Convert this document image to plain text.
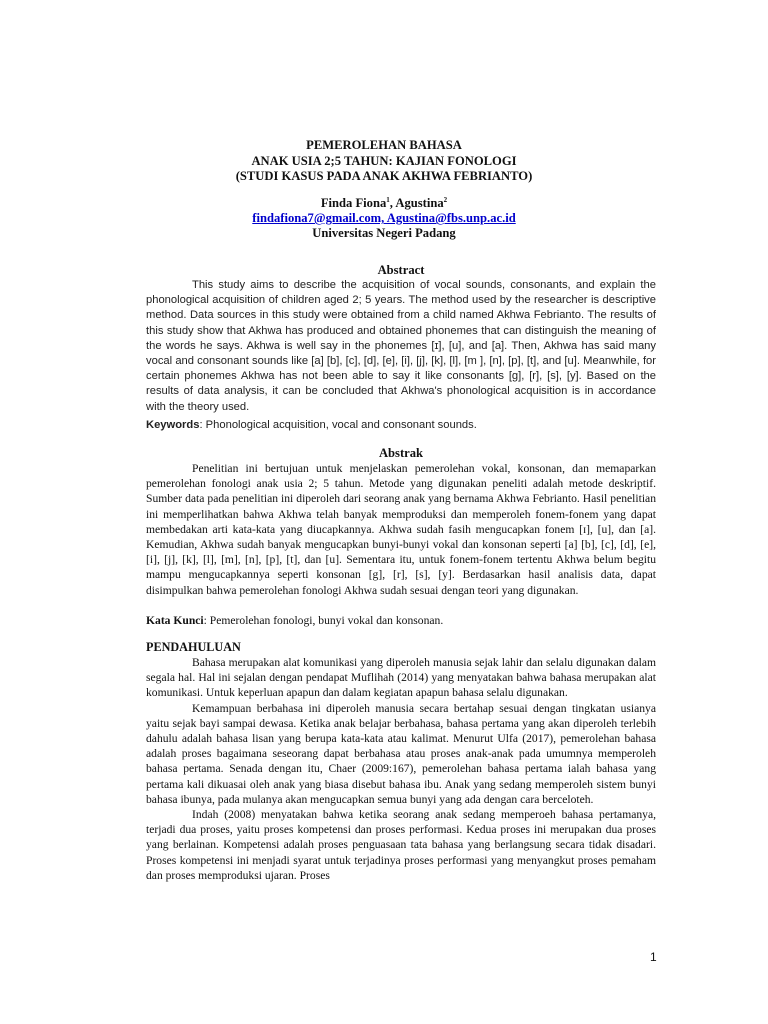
PEMEROLEHAN BAHASA
ANAK USIA 2;5 TAHUN: KAJIAN FONOLOGI
(STUDI KASUS PADA ANAK AKHWA FEBRIANTO)
Finda Fiona$^1$, Agustina$^2$
findafiona7@gmail.com, Agustina@fbs.unp.ac.id
Universitas Negeri Padang
Abstract
This study aims to describe the acquisition of vocal sounds, consonants, and explain the phonological acquisition of children aged 2; 5 years. The method used by the researcher is descriptive method. Data sources in this study were obtained from a child named Akhwa Febrianto. The results of this study show that Akhwa has produced and obtained phonemes that can distinguish the meaning of the words he says. Akhwa is well say in the phonemes [ɪ], [u], and [a]. Then, Akhwa has said many vocal and consonant sounds like [a] [b], [c], [d], [e], [i], [j], [k], [l], [m ], [n], [p], [t], and [u]. Meanwhile, for certain phonemes Akhwa has not been able to say it like consonants [g], [r], [s], [y]. Based on the results of data analysis, it can be concluded that Akhwa's phonological acquisition is in accordance with the theory used.
Keywords: Phonological acquisition, vocal and consonant sounds.
Abstrak
Penelitian ini bertujuan untuk menjelaskan pemerolehan vokal, konsonan, dan memaparkan pemerolehan fonologi anak usia 2; 5 tahun. Metode yang digunakan peneliti adalah metode deskriptif. Sumber data pada penelitian ini diperoleh dari seorang anak yang bernama Akhwa Febrianto. Hasil penelitian ini memperlihatkan bahwa Akhwa telah banyak memproduksi dan memperoleh fonem-fonem yang dapat membedakan arti kata-kata yang diucapkannya. Akhwa sudah fasih mengucapkan fonem [ɪ], [u], dan [a]. Kemudian, Akhwa sudah banyak mengucapkan bunyi-bunyi vokal dan konsonan seperti [a] [b], [c], [d], [e], [i], [j], [k], [l], [m], [n], [p], [t], dan [u]. Sementara itu, untuk fonem-fonem tertentu Akhwa belum begitu mampu mengucapkannya seperti konsonan [g], [r], [s], [y]. Berdasarkan hasil analisis data, dapat disimpulkan bahwa pemerolehan fonologi Akhwa sudah sesuai dengan teori yang digunakan.
Kata Kunci: Pemerolehan fonologi, bunyi vokal dan konsonan.
PENDAHULUAN

Bahasa merupakan alat komunikasi yang diperoleh manusia sejak lahir dan selalu digunakan dalam segala hal. Hal ini sejalan dengan pendapat Muflihah (2014) yang menyatakan bahwa bahasa merupakan alat komunikasi. Untuk keperluan apapun dan dalam kegiatan apapun bahasa selalu digunakan.

Kemampuan berbahasa ini diperoleh manusia secara bertahap sesuai dengan tingkatan usianya yaitu sejak bayi sampai dewasa. Ketika anak belajar berbahasa, bahasa pertama yang akan diperoleh terlebih dahulu adalah bahasa lisan yang berupa kata-kata atau kalimat. Menurut Ulfa (2017), pemerolehan bahasa adalah proses bagaimana seseorang dapat berbahasa atau proses anak-anak pada umumnya memperoleh bahasa pertama. Senada dengan itu, Chaer (2009:167), pemerolehan bahasa pertama ialah bahasa yang pertama kali dikuasai oleh anak yang biasa disebut bahasa ibu. Anak yang sedang memperoleh sistem bunyi bahasa ibunya, pada mulanya akan mengucapkan semua bunyi yang ada dengan cara berceloteh.

Indah (2008) menyatakan bahwa ketika seorang anak sedang memperoeh bahasa pertamanya, terjadi dua proses, yaitu proses kompetensi dan proses performasi. Kedua proses ini merupakan dua proses yang berlainan. Kompetensi adalah proses penguasaan tata bahasa yang berlangsung secara tidak disadari. Proses kompetensi ini menjadi syarat untuk terjadinya proses performasi yang menyangkut proses pemaham dan proses memproduksi ujaran. Proses

1
